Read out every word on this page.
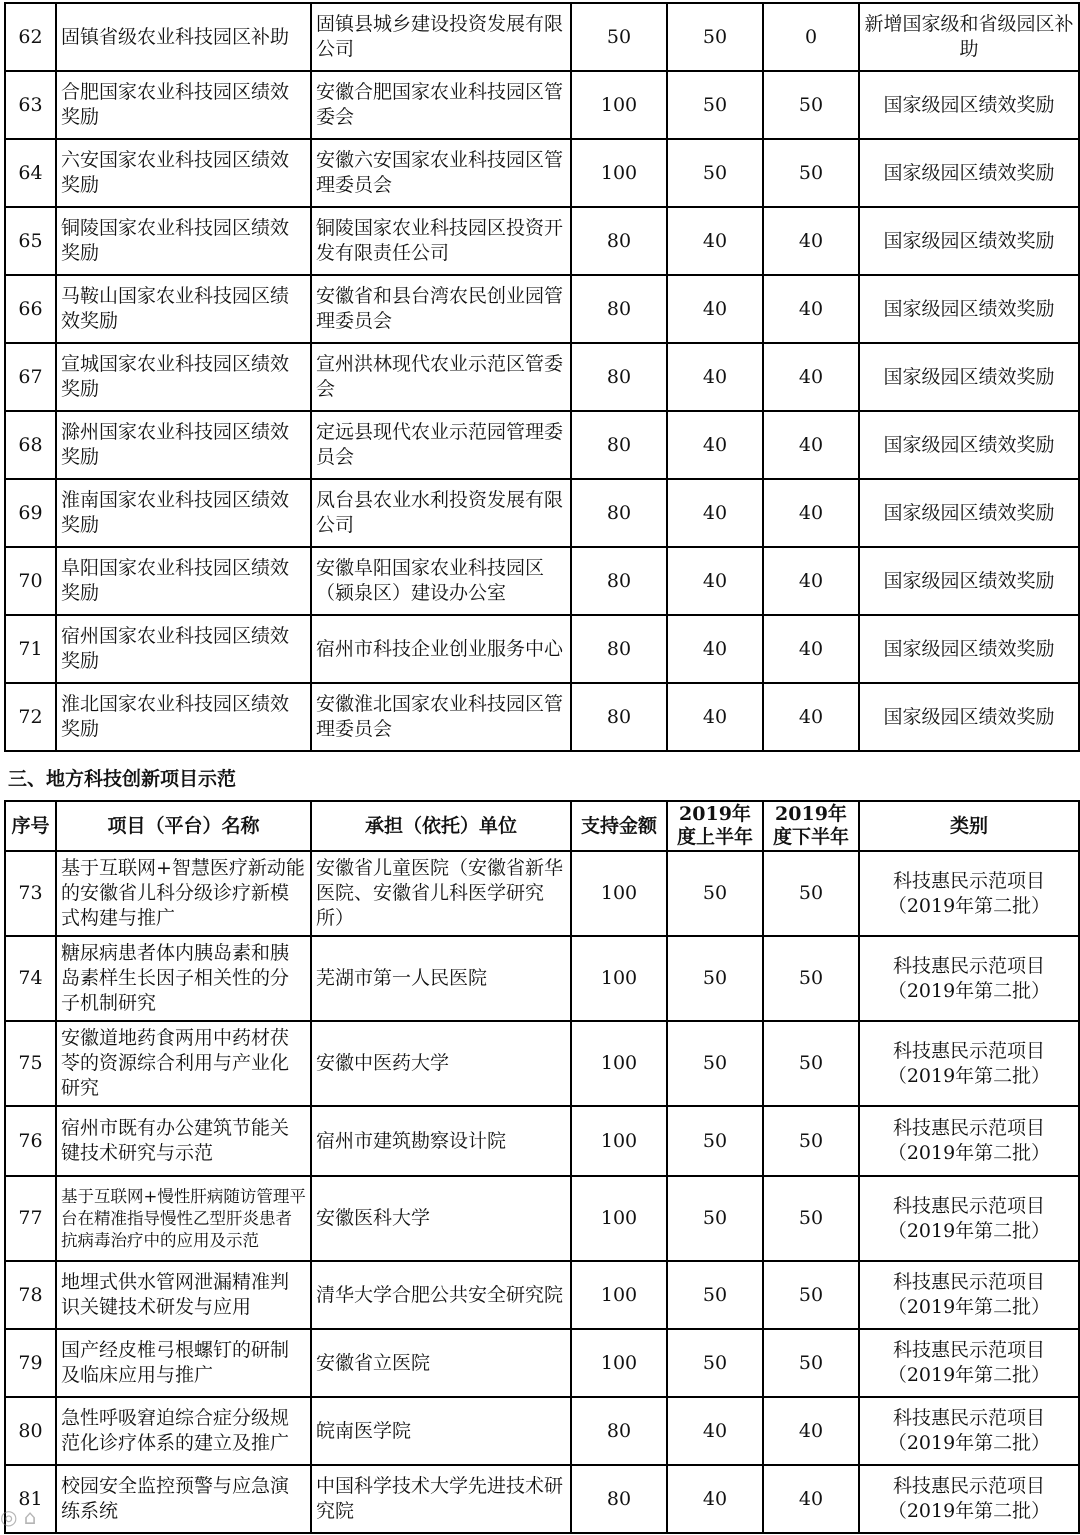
62	固镇省级农业科技园区补助	固镇县城乡建设投资发展有限公司	50	50	0	新增国家级和省级园区补助
63	合肥国家农业科技园区绩效奖励	安徽合肥国家农业科技园区管委会	100	50	50	国家级园区绩效奖励
64	六安国家农业科技园区绩效奖励	安徽六安国家农业科技园区管理委员会	100	50	50	国家级园区绩效奖励
65	铜陵国家农业科技园区绩效奖励	铜陵国家农业科技园区投资开发有限责任公司	80	40	40	国家级园区绩效奖励
66	马鞍山国家农业科技园区绩效奖励	安徽省和县台湾农民创业园管理委员会	80	40	40	国家级园区绩效奖励
67	宣城国家农业科技园区绩效奖励	宣州洪林现代农业示范区管委会	80	40	40	国家级园区绩效奖励
68	滁州国家农业科技园区绩效奖励	定远县现代农业示范园管理委员会	80	40	40	国家级园区绩效奖励
69	淮南国家农业科技园区绩效奖励	凤台县农业水利投资发展有限公司	80	40	40	国家级园区绩效奖励
70	阜阳国家农业科技园区绩效奖励	安徽阜阳国家农业科技园区（颍泉区）建设办公室	80	40	40	国家级园区绩效奖励
71	宿州国家农业科技园区绩效奖励	宿州市科技企业创业服务中心	80	40	40	国家级园区绩效奖励
72	淮北国家农业科技园区绩效奖励	安徽淮北国家农业科技园区管理委员会	80	40	40	国家级园区绩效奖励
三、地方科技创新项目示范
序号	项目（平台）名称	承担（依托）单位	支持金额	2019年度上半年	2019年度下半年	类别
73	基于互联网+智慧医疗新动能的安徽省儿科分级诊疗新模式构建与推广	安徽省儿童医院（安徽省新华医院、安徽省儿科医学研究所）	100	50	50	科技惠民示范项目（2019年第二批）
74	糖尿病患者体内胰岛素和胰岛素样生长因子相关性的分子机制研究	芜湖市第一人民医院	100	50	50	科技惠民示范项目（2019年第二批）
75	安徽道地药食两用中药材茯苓的资源综合利用与产业化研究	安徽中医药大学	100	50	50	科技惠民示范项目（2019年第二批）
76	宿州市既有办公建筑节能关键技术研究与示范	宿州市建筑勘察设计院	100	50	50	科技惠民示范项目（2019年第二批）
77	基于互联网+慢性肝病随访管理平台在精准指导慢性乙型肝炎患者抗病毒治疗中的应用及示范	安徽医科大学	100	50	50	科技惠民示范项目（2019年第二批）
78	地埋式供水管网泄漏精准判识关键技术研发与应用	清华大学合肥公共安全研究院	100	50	50	科技惠民示范项目（2019年第二批）
79	国产经皮椎弓根螺钉的研制及临床应用与推广	安徽省立医院	100	50	50	科技惠民示范项目（2019年第二批）
80	急性呼吸窘迫综合症分级规范化诊疗体系的建立及推广	皖南医学院	80	40	40	科技惠民示范项目（2019年第二批）
81	校园安全监控预警与应急演练系统	中国科学技术大学先进技术研究院	80	40	40	科技惠民示范项目（2019年第二批）
◎ ⌂
